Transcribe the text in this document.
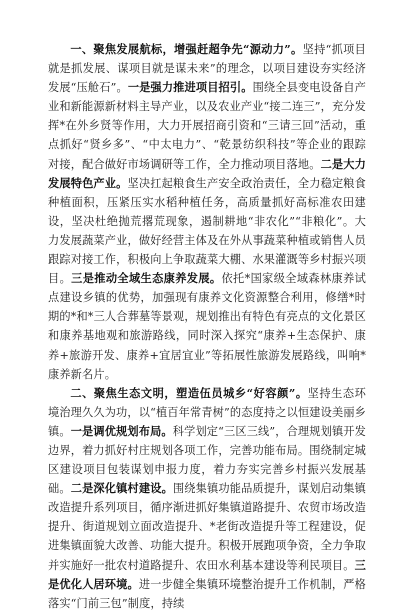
一、聚焦发展航标，增强赶超争先“源动力”。坚持“抓项目就是抓发展、谋项目就是谋未来”的理念，以项目建设夯实经济发展“压舱石”。一是强力推进项目招引。围绕全县变电设备自产业和新能源新材料主导产业，以及农业产业“接二连三”，充分发挥*在外乡贤等作用，大力开展招商引资和“三请三回”活动，重点抓好“贤乡多”、“中太电力”、“乾景纺织科技”等企业的跟踪对接，配合做好市场调研等工作，全力推动项目落地。二是大力发展特色产业。坚决扛起粮食生产安全政治责任，全力稳定粮食种植面积，压紧压实水稻种植任务，高质量抓好高标准农田建设，坚决杜绝抛荒撂荒现象，遏制耕地“非农化”“非粮化”。大力发展蔬菜产业，做好经营主体及在外从事蔬菜种植或销售人员跟踪对接工作，积极向上争取蔬菜大棚、水果灌溉等乡村振兴项目。三是推动全域生态康养发展。依托*国家级全域森林康养试点建设乡镇的优势，加强现有康养文化资源整合利用，修缮*时期的*和*三人合葬墓等景观，规划推出有特色有亮点的文化景区和康养基地观和旅游路线，同时深入探究“康养+生态保护、康养+旅游开发、康养+宜居宜业”等拓展性旅游发展路线，叫响*康养新名片。

二、聚焦生态文明，塑造伍员城乡“好容颜”。坚持生态环境治理久久为功，以“植百年常青树”的态度持之以恒建设美丽乡镇。一是调优规划布局。科学划定“三区三线”，合理规划镇开发边界，着力抓好村庄规划各项工作，完善功能布局。围绕制定城区建设项目包装谋划申报力度，着力夯实完善乡村振兴发展基础。二是深化镇村建设。围绕集镇功能品质提升，谋划启动集镇改造提升系列项目，循序渐进抓好集镇道路提升、农贸市场改造提升、街道规划立面改造提升、*老街改造提升等工程建设，促进集镇面貌大改善、功能大提升。积极开展跑项争资，全力争取并实施好一批农村道路提升、农田水利基本建设等利民项目。三是优化人居环境。进一步健全集镇环境整治提升工作机制，严格落实“门前三包”制度，持续
